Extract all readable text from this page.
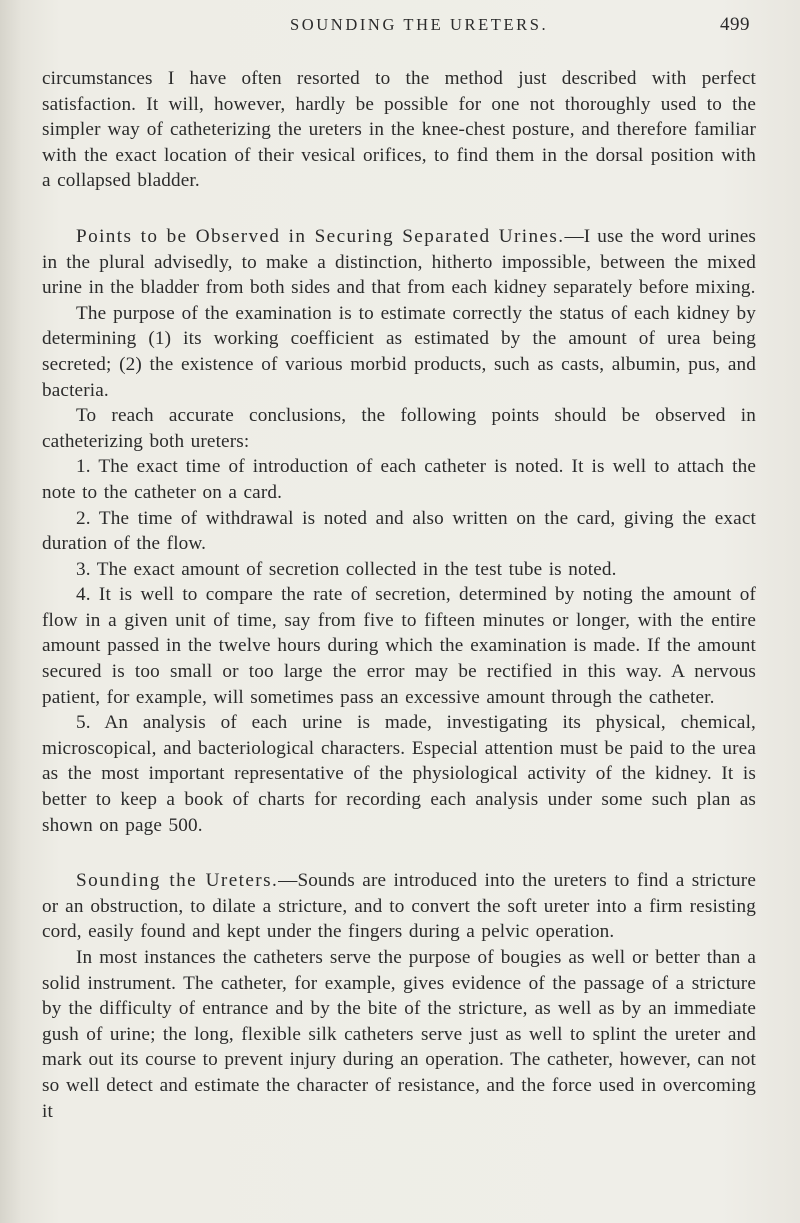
SOUNDING THE URETERS.	499

circumstances I have often resorted to the method just described with perfect satisfaction. It will, however, hardly be possible for one not thoroughly used to the simpler way of catheterizing the ureters in the knee-chest posture, and therefore familiar with the exact location of their vesical orifices, to find them in the dorsal position with a collapsed bladder.

Points to be Observed in Securing Separated Urines.—I use the word urines in the plural advisedly, to make a distinction, hitherto impossible, between the mixed urine in the bladder from both sides and that from each kidney separately before mixing.

The purpose of the examination is to estimate correctly the status of each kidney by determining (1) its working coefficient as estimated by the amount of urea being secreted; (2) the existence of various morbid products, such as casts, albumin, pus, and bacteria.

To reach accurate conclusions, the following points should be observed in catheterizing both ureters:

1. The exact time of introduction of each catheter is noted. It is well to attach the note to the catheter on a card.

2. The time of withdrawal is noted and also written on the card, giving the exact duration of the flow.

3. The exact amount of secretion collected in the test tube is noted.

4. It is well to compare the rate of secretion, determined by noting the amount of flow in a given unit of time, say from five to fifteen minutes or longer, with the entire amount passed in the twelve hours during which the examination is made. If the amount secured is too small or too large the error may be rectified in this way. A nervous patient, for example, will sometimes pass an excessive amount through the catheter.

5. An analysis of each urine is made, investigating its physical, chemical, microscopical, and bacteriological characters. Especial attention must be paid to the urea as the most important representative of the physiological activity of the kidney. It is better to keep a book of charts for recording each analysis under some such plan as shown on page 500.

Sounding the Ureters.—Sounds are introduced into the ureters to find a stricture or an obstruction, to dilate a stricture, and to convert the soft ureter into a firm resisting cord, easily found and kept under the fingers during a pelvic operation.

In most instances the catheters serve the purpose of bougies as well or better than a solid instrument. The catheter, for example, gives evidence of the passage of a stricture by the difficulty of entrance and by the bite of the stricture, as well as by an immediate gush of urine; the long, flexible silk catheters serve just as well to splint the ureter and mark out its course to prevent injury during an operation. The catheter, however, can not so well detect and estimate the character of resistance, and the force used in overcoming it
